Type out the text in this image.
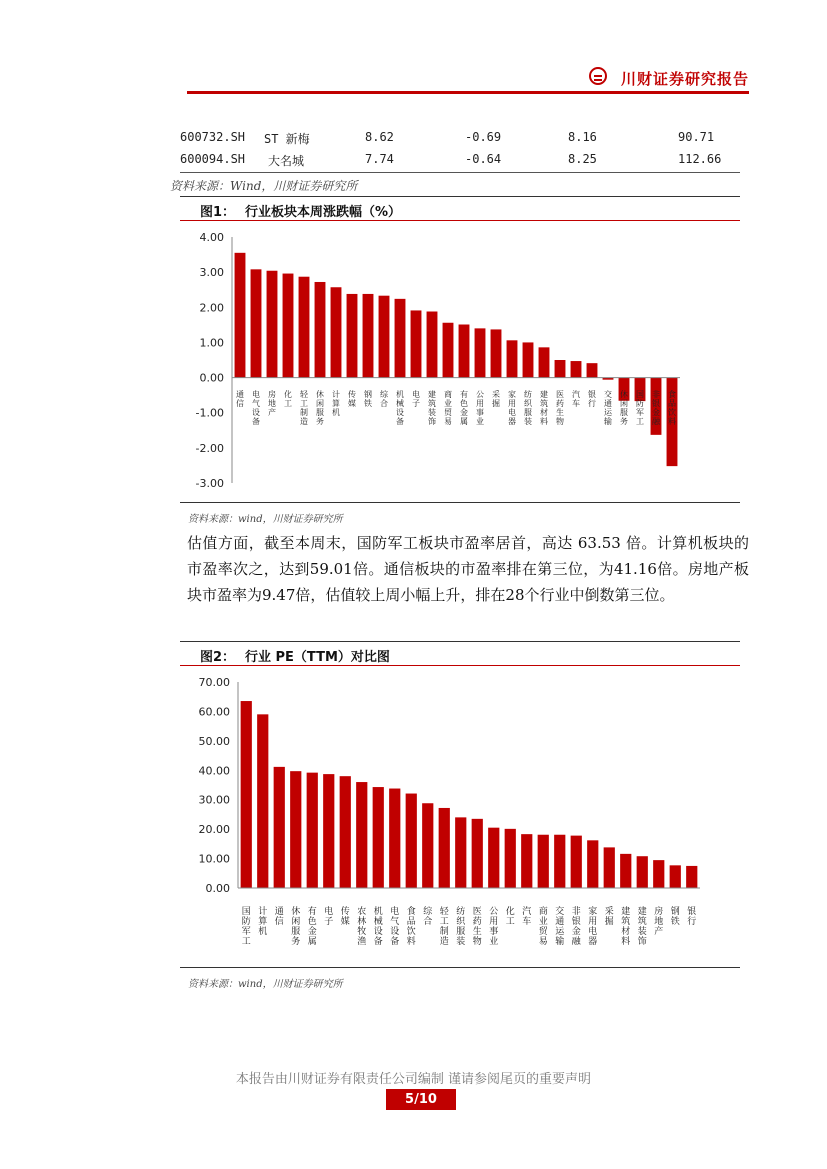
川财证券研究报告
600732.SH ST 新梅	8.62	-0.69	8.16	90.71
600094.SH 大名城	7.74	-0.64	8.25	112.66
资料来源：Wind，川财证券研究所
图1： 行业板块本周涨跌幅（%）
4.00
3.00
2.00
1.00
0.00
-1.00
-2.00
-3.00
通信
电气设备
房地产
化工
轻工制造
休闲服务
计算机
传媒
钢铁
综合
机械设备
电子
建筑装饰
商业贸易
有色金属
公用事业
采掘
家用电器
纺织服装
建筑材料
医药生物
汽车
银行
交通运输
休闲服务
国防军工
非银金融
食品饮料
资料来源：wind，川财证券研究所
估值方面，截至本周末，国防军工板块市盈率居首，高达 63.53 倍。计算机板块的市盈率次之，达到59.01倍。通信板块的市盈率排在第三位，为41.16倍。房地产板块市盈率为9.47倍，估值较上周小幅上升，排在28个行业中倒数第三位。
图2： 行业 PE（TTM）对比图
70.00
60.00
50.00
40.00
30.00
20.00
10.00
0.00
国防军工
计算机
通信
休闲服务
有色金属
电子
传媒
农林牧渔
机械设备
电气设备
食品饮料
综合
轻工制造
纺织服装
医药生物
公用事业
化工
汽车
商业贸易
交通运输
非银金融
家用电器
采掘
建筑材料
建筑装饰
房地产
钢铁
银行
资料来源：wind，川财证券研究所
本报告由川财证券有限责任公司编制 谨请参阅尾页的重要声明
5/10
